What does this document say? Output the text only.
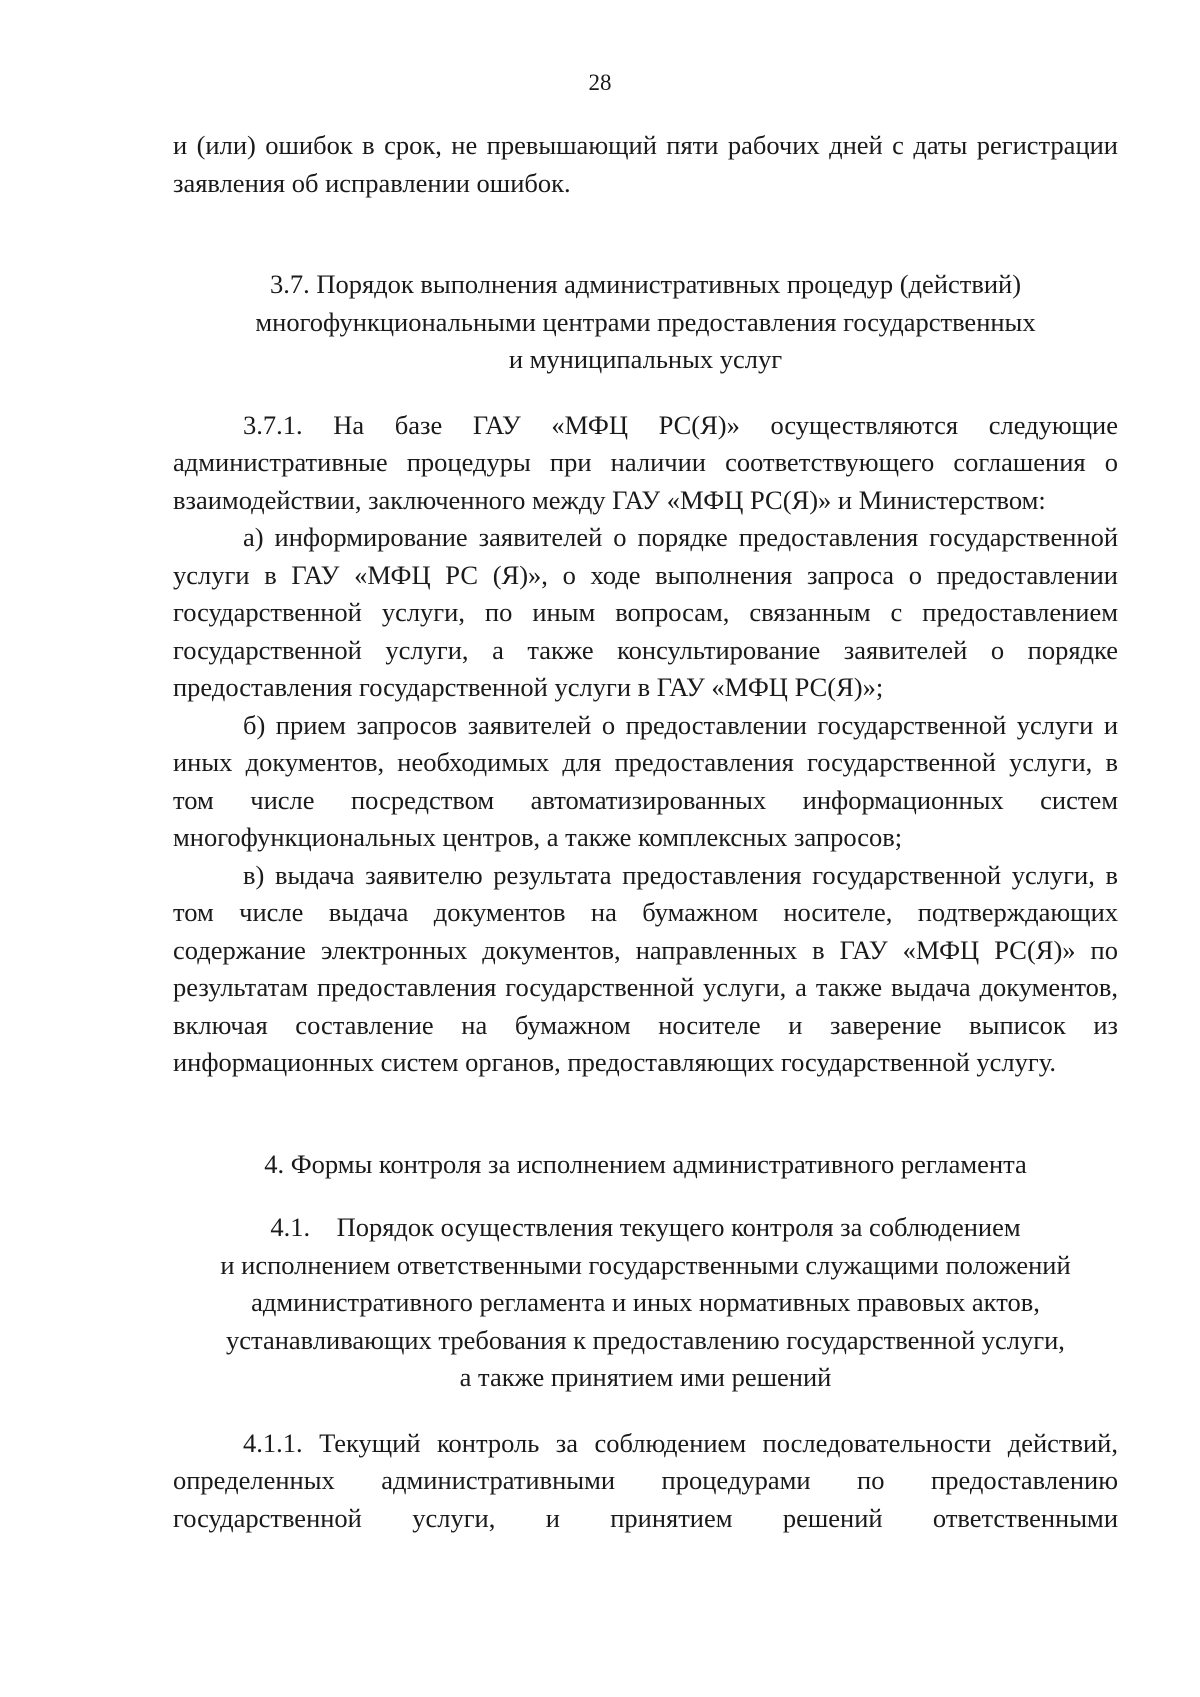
28

и (или) ошибок в срок, не превышающий пяти рабочих дней с даты регистрации заявления об исправлении ошибок.

3.7. Порядок выполнения административных процедур (действий)
многофункциональными центрами предоставления государственных
и муниципальных услуг

3.7.1. На базе ГАУ «МФЦ РС(Я)» осуществляются следующие административные процедуры при наличии соответствующего соглашения о взаимодействии, заключенного между ГАУ «МФЦ РС(Я)» и Министерством:

а) информирование заявителей о порядке предоставления государственной услуги в ГАУ «МФЦ РС (Я)», о ходе выполнения запроса о предоставлении государственной услуги, по иным вопросам, связанным с предоставлением государственной услуги, а также консультирование заявителей о порядке предоставления государственной услуги в ГАУ «МФЦ РС(Я)»;

б) прием запросов заявителей о предоставлении государственной услуги и иных документов, необходимых для предоставления государственной услуги, в том числе посредством автоматизированных информационных систем многофункциональных центров, а также комплексных запросов;

в) выдача заявителю результата предоставления государственной услуги, в том числе выдача документов на бумажном носителе, подтверждающих содержание электронных документов, направленных в ГАУ «МФЦ РС(Я)» по результатам предоставления государственной услуги, а также выдача документов, включая составление на бумажном носителе и заверение выписок из информационных систем органов, предоставляющих государственной услугу.

4. Формы контроля за исполнением административного регламента
4.1.    Порядок осуществления текущего контроля за соблюдением
и исполнением ответственными государственными служащими положений
административного регламента и иных нормативных правовых актов,
устанавливающих требования к предоставлению государственной услуги,
а также принятием ими решений

4.1.1. Текущий контроль за соблюдением последовательности действий, определенных административными процедурами по предоставлению государственной услуги, и принятием решений ответственными
